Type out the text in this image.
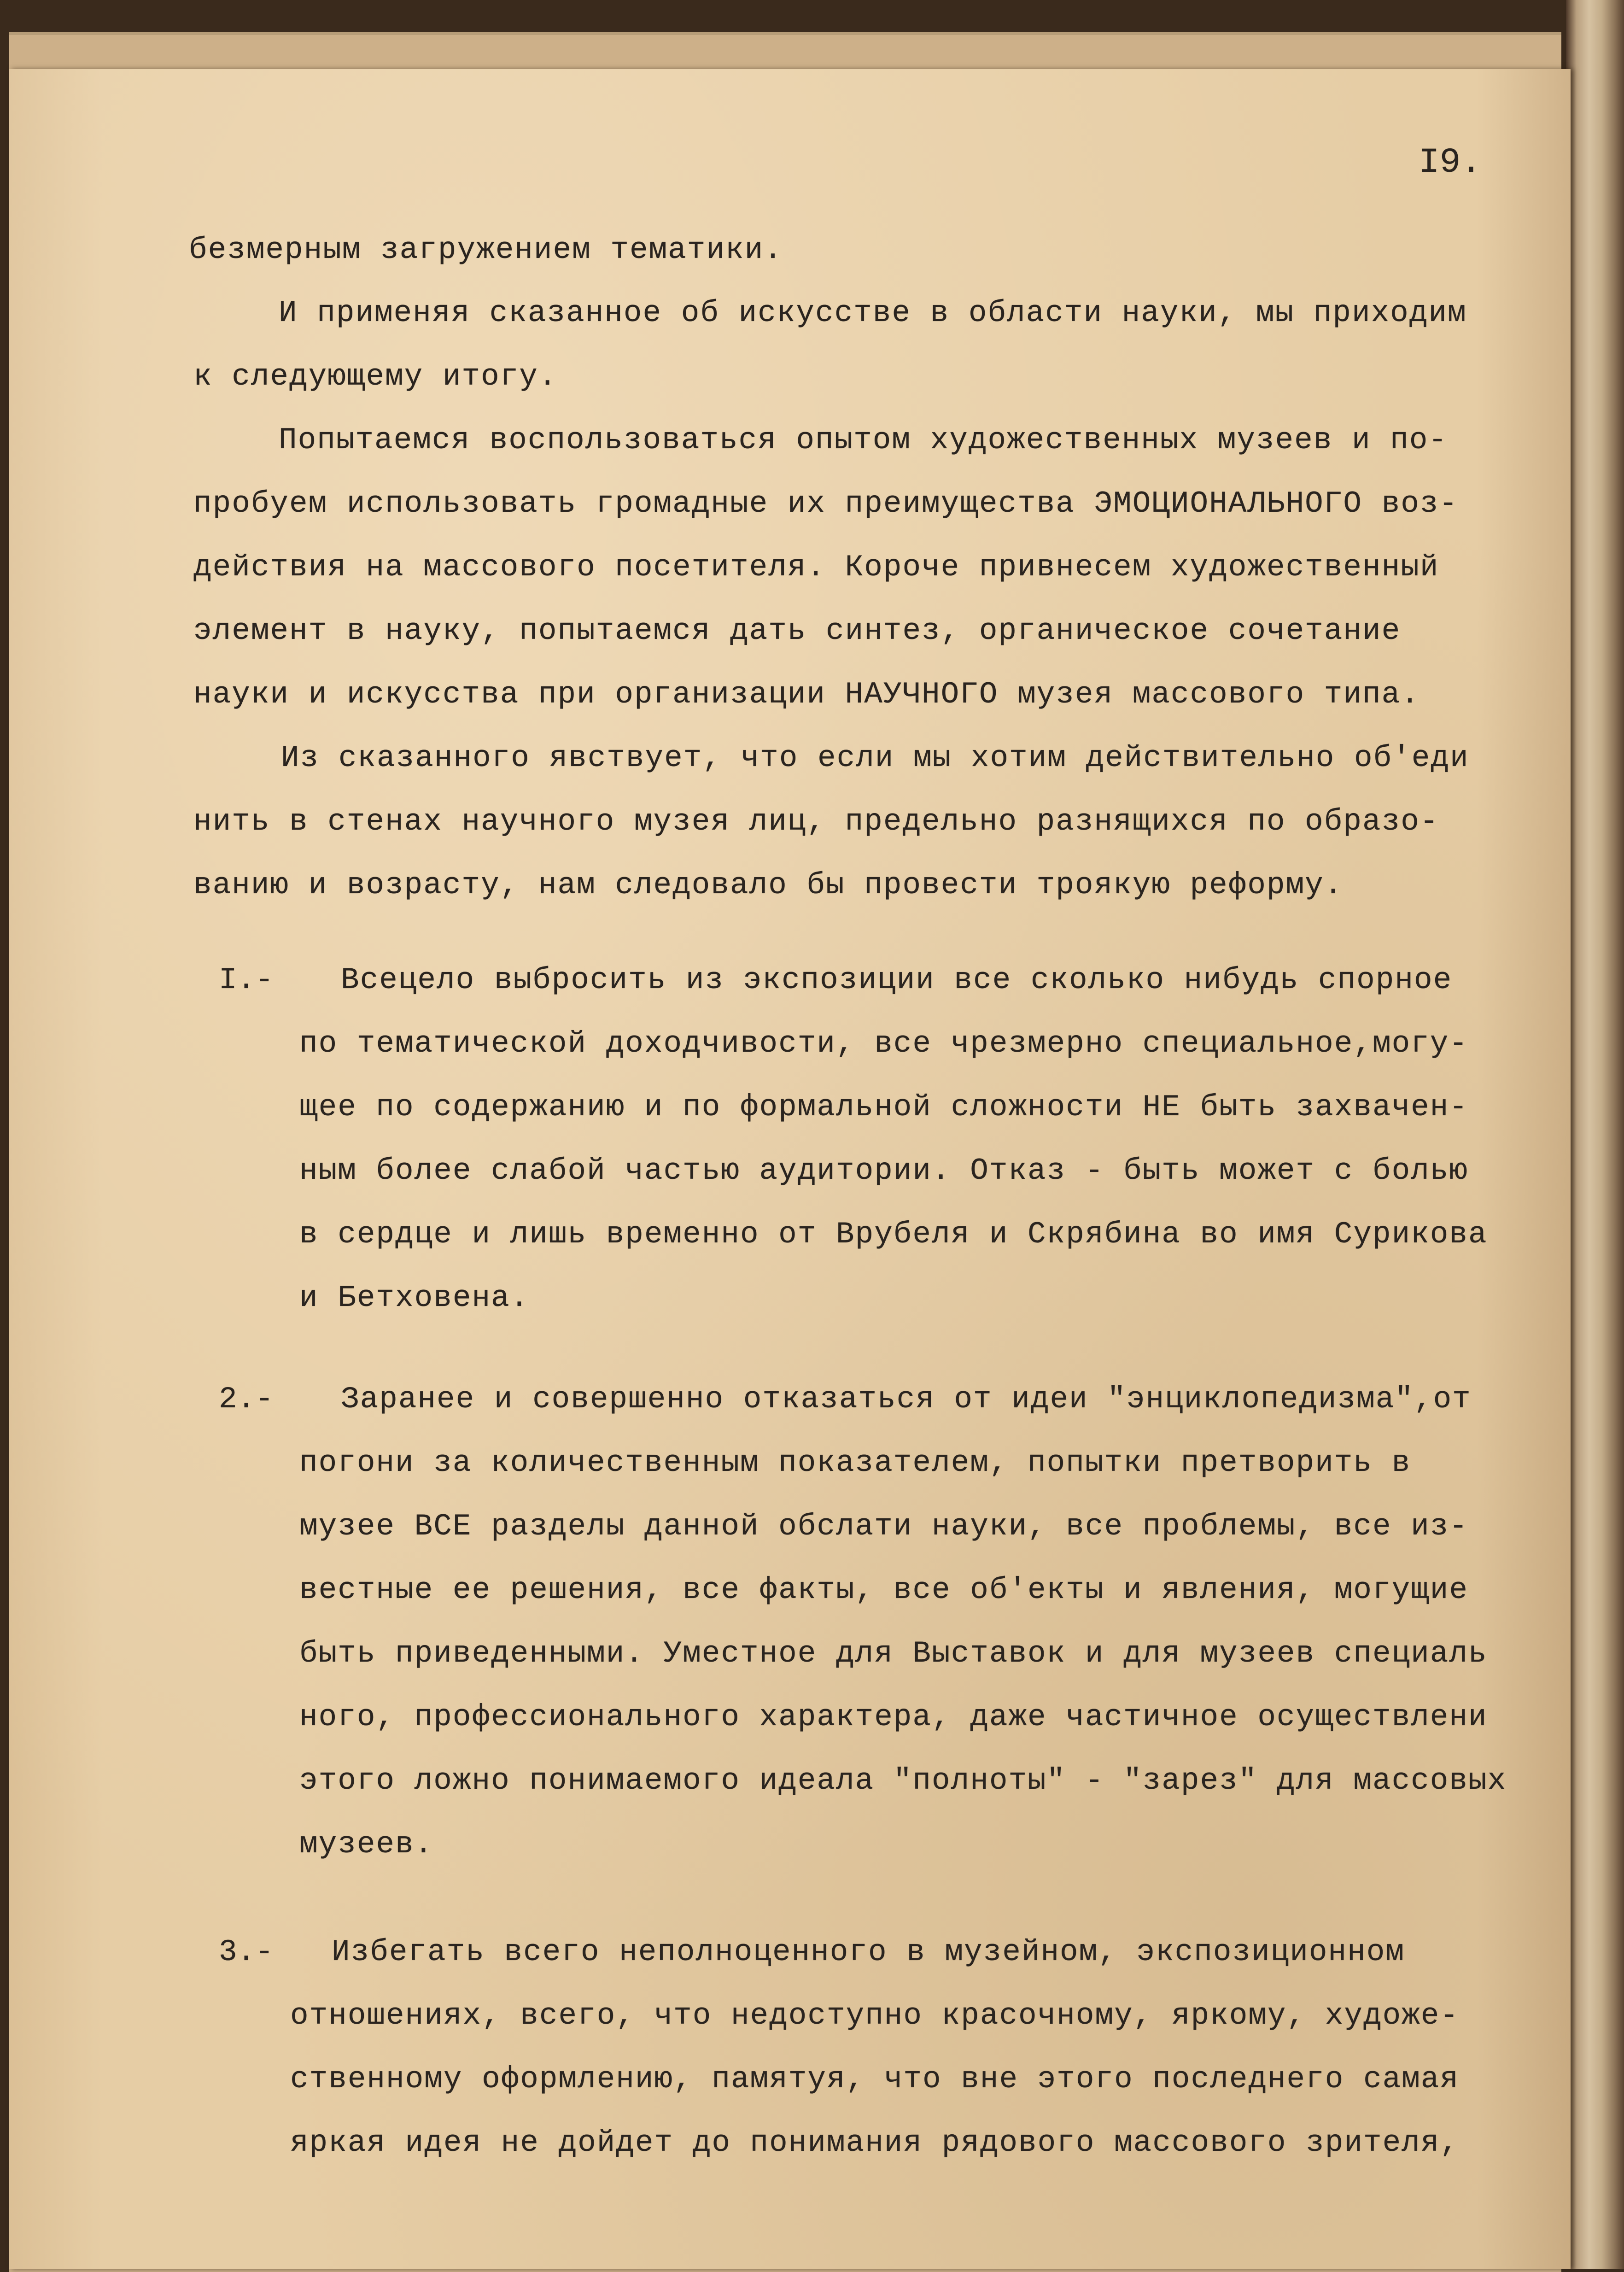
I9.
безмерным загружением тематики.
И применяя сказанное об искусстве в области науки, мы приходим
к следующему итогу.
Попытаемся воспользоваться опытом художественных музеев и по-
пробуем использовать громадные их преимущества ЭМОЦИОНАЛЬНОГО воз-
действия на массового посетителя. Короче привнесем художественный
элемент в науку, попытаемся дать синтез, органическое сочетание
науки и искусства при организации НАУЧНОГО музея массового типа.
Из сказанного явствует, что если мы хотим действительно об'еди
нить в стенах научного музея лиц, предельно разнящихся по образо-
ванию и возрасту, нам следовало бы провести троякую реформу.
I.- Всецело выбросить из экспозиции все сколько нибудь спорное
по тематической доходчивости, все чрезмерно специальное,могу-
щее по содержанию и по формальной сложности НЕ быть захвачен-
ным более слабой частью аудитории. Отказ - быть может с болью
в сердце и лишь временно от Врубеля и Скрябина во имя Сурикова
и Бетховена.
2.- Заранее и совершенно отказаться от идеи "энциклопедизма",от
погони за количественным показателем, попытки претворить в
музее ВСЕ разделы данной обслати науки, все проблемы, все из-
вестные ее решения, все факты, все об'екты и явления, могущие
быть приведенными. Уместное для Выставок и для музеев специаль
ного, профессионального характера, даже частичное осуществлени
этого ложно понимаемого идеала "полноты" - "зарез" для массовых
музеев.
3.- Избегать всего неполноценного в музейном, экспозиционном
отношениях, всего, что недоступно красочному, яркому, художе-
ственному оформлению, памятуя, что вне этого последнего самая
яркая идея не дойдет до понимания рядового массового зрителя,
